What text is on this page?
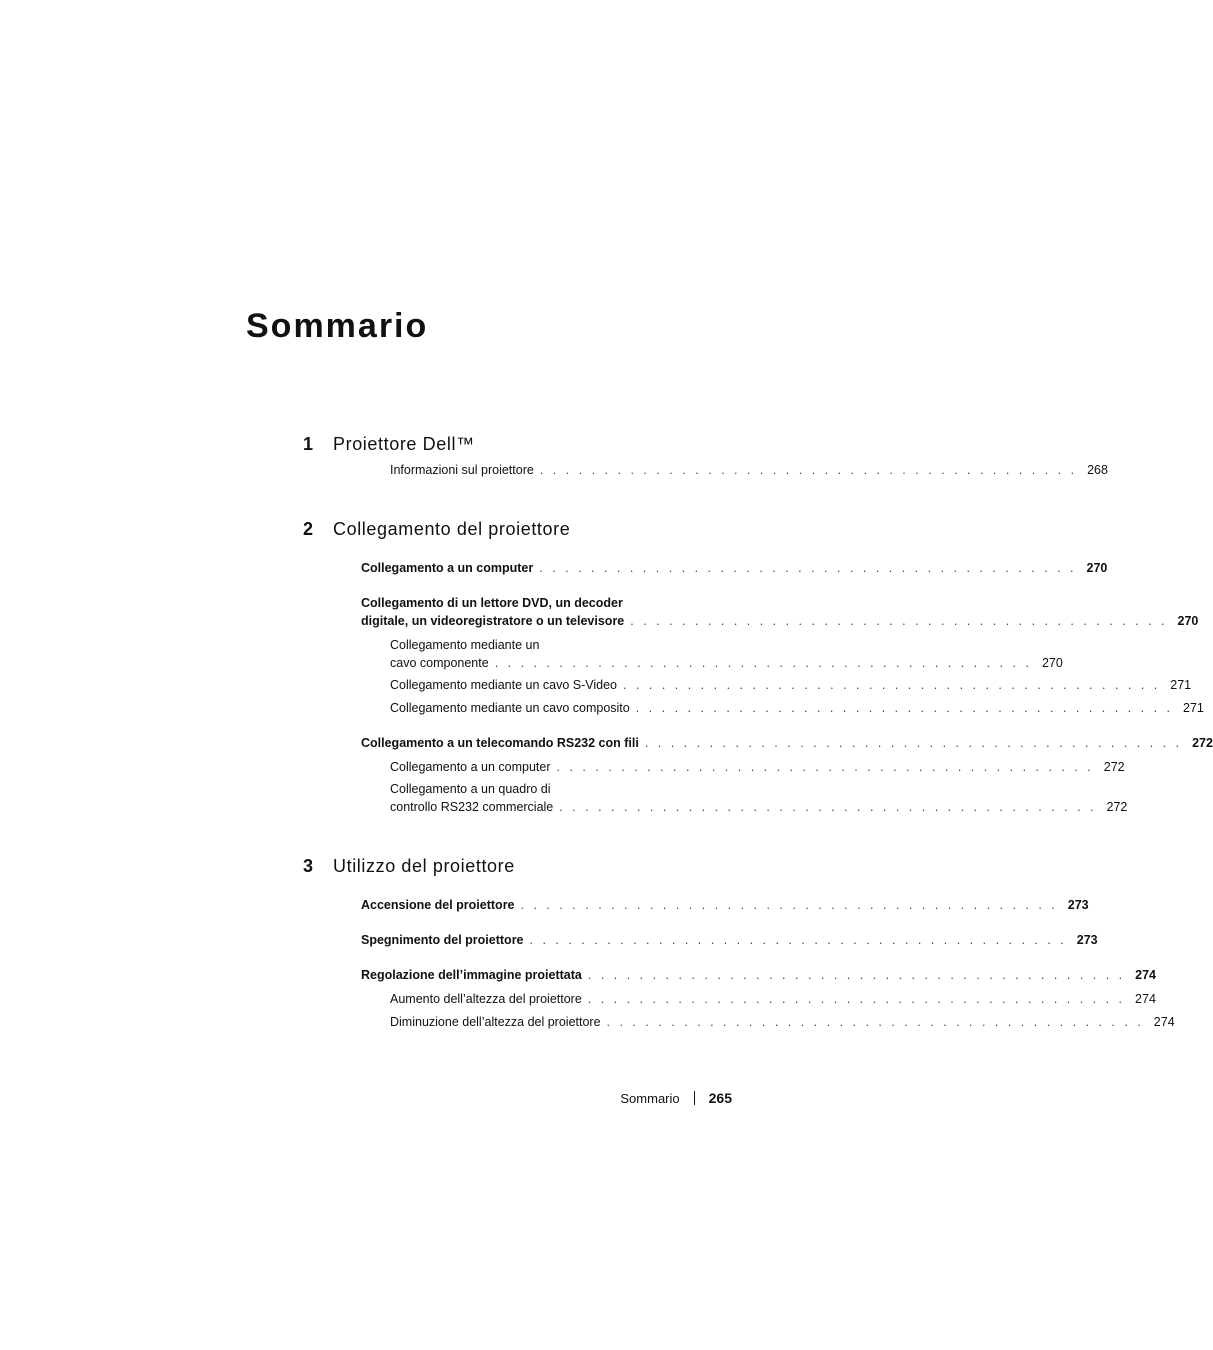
Sommario
1 Proiettore Dell™
Informazioni sul proiettore . . . . . . . . . . . . . . . . . . . . . . . . . . . . . . . . . . . . . . . . . . 268
2 Collegamento del proiettore
Collegamento a un computer . . . . . . . . . . . . . . . . . . . . . . . . . . . . . . . . . . . . . . . . . . 270
Collegamento di un lettore DVD, un decoder
digitale, un videoregistratore o un televisore . . . . . . . . . . . . . . . . . . . . . . . . . . . . . . . . . . . . . . . . . . 270
Collegamento mediante un
cavo componente . . . . . . . . . . . . . . . . . . . . . . . . . . . . . . . . . . . . . . . . . . 270
Collegamento mediante un cavo S-Video . . . . . . . . . . . . . . . . . . . . . . . . . . . . . . . . . . . . . . . . . . 271
Collegamento mediante un cavo composito . . . . . . . . . . . . . . . . . . . . . . . . . . . . . . . . . . . . . . . . . . 271
Collegamento a un telecomando RS232 con fili . . . . . . . . . . . . . . . . . . . . . . . . . . . . . . . . . . . . . . . . . . 272
Collegamento a un computer . . . . . . . . . . . . . . . . . . . . . . . . . . . . . . . . . . . . . . . . . . 272
Collegamento a un quadro di
controllo RS232 commerciale . . . . . . . . . . . . . . . . . . . . . . . . . . . . . . . . . . . . . . . . . . 272
3 Utilizzo del proiettore
Accensione del proiettore . . . . . . . . . . . . . . . . . . . . . . . . . . . . . . . . . . . . . . . . . . 273
Spegnimento del proiettore . . . . . . . . . . . . . . . . . . . . . . . . . . . . . . . . . . . . . . . . . . 273
Regolazione dell’immagine proiettata . . . . . . . . . . . . . . . . . . . . . . . . . . . . . . . . . . . . . . . . . . 274
Aumento dell’altezza del proiettore . . . . . . . . . . . . . . . . . . . . . . . . . . . . . . . . . . . . . . . . . . 274
Diminuzione dell’altezza del proiettore . . . . . . . . . . . . . . . . . . . . . . . . . . . . . . . . . . . . . . . . . . 274
Sommario 265
